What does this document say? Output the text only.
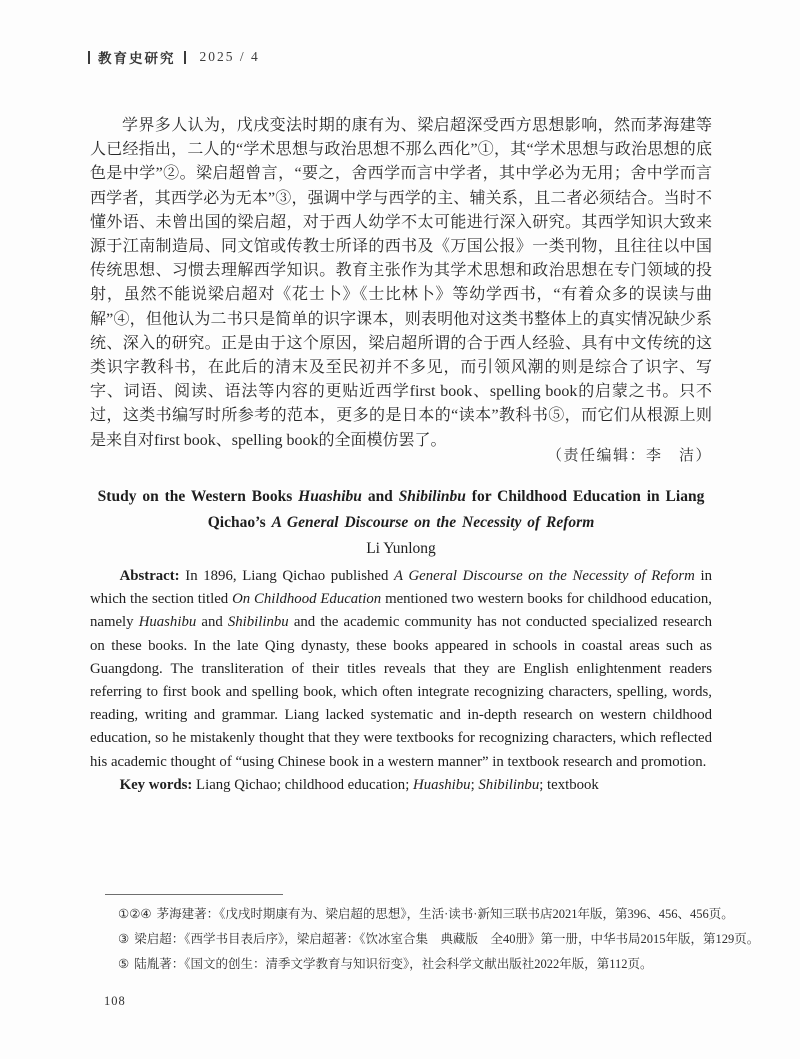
教育史研究 2025 / 4

学界多人认为，戊戌变法时期的康有为、梁启超深受西方思想影响，然而茅海建等人已经指出，二人的“学术思想与政治思想不那么西化”①，其“学术思想与政治思想的底色是中学”②。梁启超曾言，“要之，舍西学而言中学者，其中学必为无用；舍中学而言西学者，其西学必为无本”③，强调中学与西学的主、辅关系，且二者必须结合。当时不懂外语、未曾出国的梁启超，对于西人幼学不太可能进行深入研究。其西学知识大致来源于江南制造局、同文馆或传教士所译的西书及《万国公报》一类刊物，且往往以中国传统思想、习惯去理解西学知识。教育主张作为其学术思想和政治思想在专门领域的投射，虽然不能说梁启超对《花士卜》《士比林卜》等幼学西书，“有着众多的误读与曲解”④，但他认为二书只是简单的识字课本，则表明他对这类书整体上的真实情况缺少系统、深入的研究。正是由于这个原因，梁启超所谓的合于西人经验、具有中文传统的这类识字教科书，在此后的清末及至民初并不多见，而引领风潮的则是综合了识字、写字、词语、阅读、语法等内容的更贴近西学first book、spelling book的启蒙之书。只不过，这类书编写时所参考的范本，更多的是日本的“读本”教科书⑤，而它们从根源上则是来自对first book、spelling book的全面模仿罢了。

（责任编辑：李　洁）

Study on the Western Books Huashibu and Shibilinbu for Childhood Education in Liang Qichao’s A General Discourse on the Necessity of Reform
Li Yunlong

Abstract: In 1896, Liang Qichao published A General Discourse on the Necessity of Reform in which the section titled On Childhood Education mentioned two western books for childhood education, namely Huashibu and Shibilinbu and the academic community has not conducted specialized research on these books. In the late Qing dynasty, these books appeared in schools in coastal areas such as Guangdong. The transliteration of their titles reveals that they are English enlightenment readers referring to first book and spelling book, which often integrate recognizing characters, spelling, words, reading, writing and grammar. Liang lacked systematic and in-depth research on western childhood education, so he mistakenly thought that they were textbooks for recognizing characters, which reflected his academic thought of “using Chinese book in a western manner” in textbook research and promotion.

Key words: Liang Qichao; childhood education; Huashibu; Shibilinbu; textbook

①②④ 茅海建著：《戊戌时期康有为、梁启超的思想》，生活·读书·新知三联书店2021年版，第396、456、456页。
③ 梁启超：《西学书目表后序》，梁启超著：《饮冰室合集　典藏版　全40册》第一册，中华书局2015年版，第129页。
⑤ 陆胤著：《国文的创生：清季文学教育与知识衍变》，社会科学文献出版社2022年版，第112页。
108
